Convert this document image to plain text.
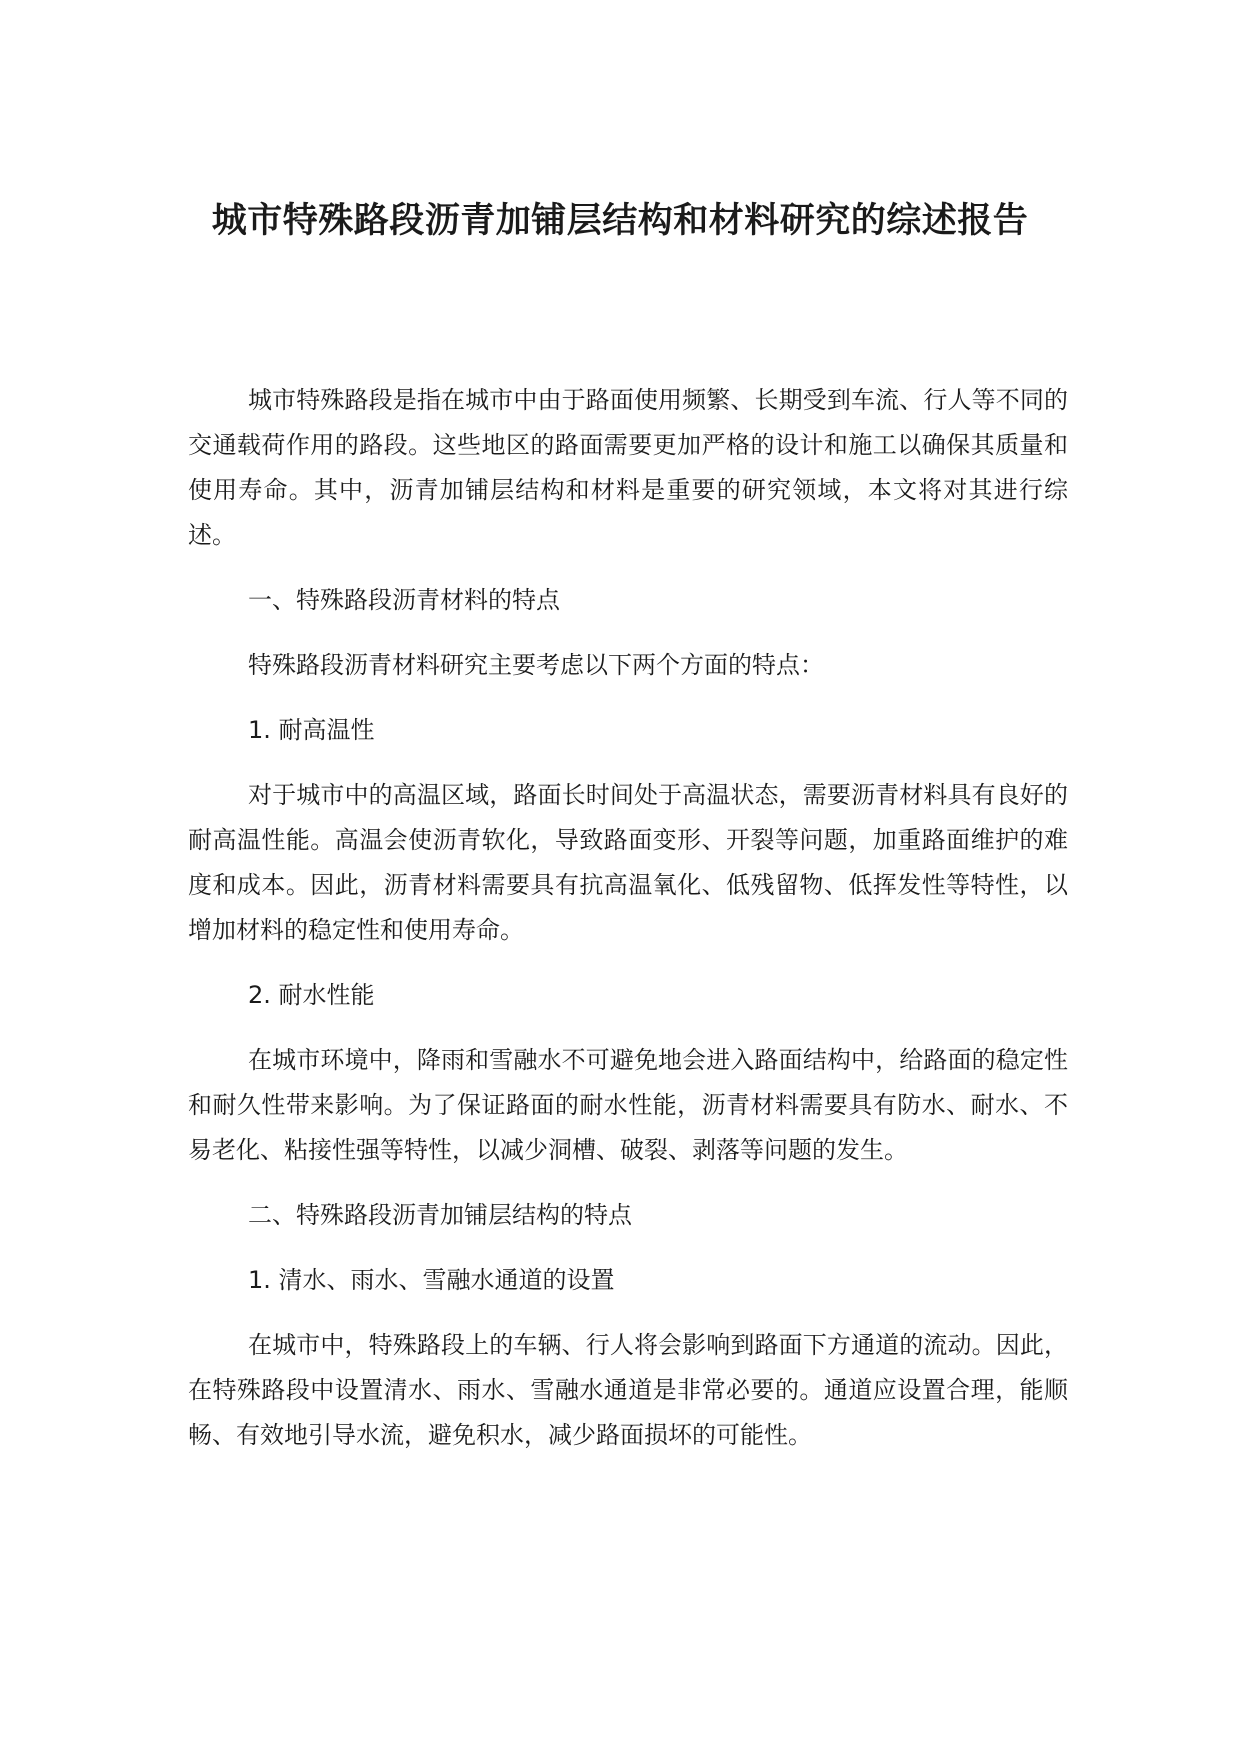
城市特殊路段沥青加铺层结构和材料研究的综述报告

城市特殊路段是指在城市中由于路面使用频繁、长期受到车流、行人等不同的交通载荷作用的路段。这些地区的路面需要更加严格的设计和施工以确保其质量和使用寿命。其中，沥青加铺层结构和材料是重要的研究领域，本文将对其进行综述。

一、特殊路段沥青材料的特点

特殊路段沥青材料研究主要考虑以下两个方面的特点：

1. 耐高温性

对于城市中的高温区域，路面长时间处于高温状态，需要沥青材料具有良好的耐高温性能。高温会使沥青软化，导致路面变形、开裂等问题，加重路面维护的难度和成本。因此，沥青材料需要具有抗高温氧化、低残留物、低挥发性等特性，以增加材料的稳定性和使用寿命。

2. 耐水性能

在城市环境中，降雨和雪融水不可避免地会进入路面结构中，给路面的稳定性和耐久性带来影响。为了保证路面的耐水性能，沥青材料需要具有防水、耐水、不易老化、粘接性强等特性，以减少洞槽、破裂、剥落等问题的发生。

二、特殊路段沥青加铺层结构的特点

1. 清水、雨水、雪融水通道的设置

在城市中，特殊路段上的车辆、行人将会影响到路面下方通道的流动。因此，在特殊路段中设置清水、雨水、雪融水通道是非常必要的。通道应设置合理，能顺畅、有效地引导水流，避免积水，减少路面损坏的可能性。
